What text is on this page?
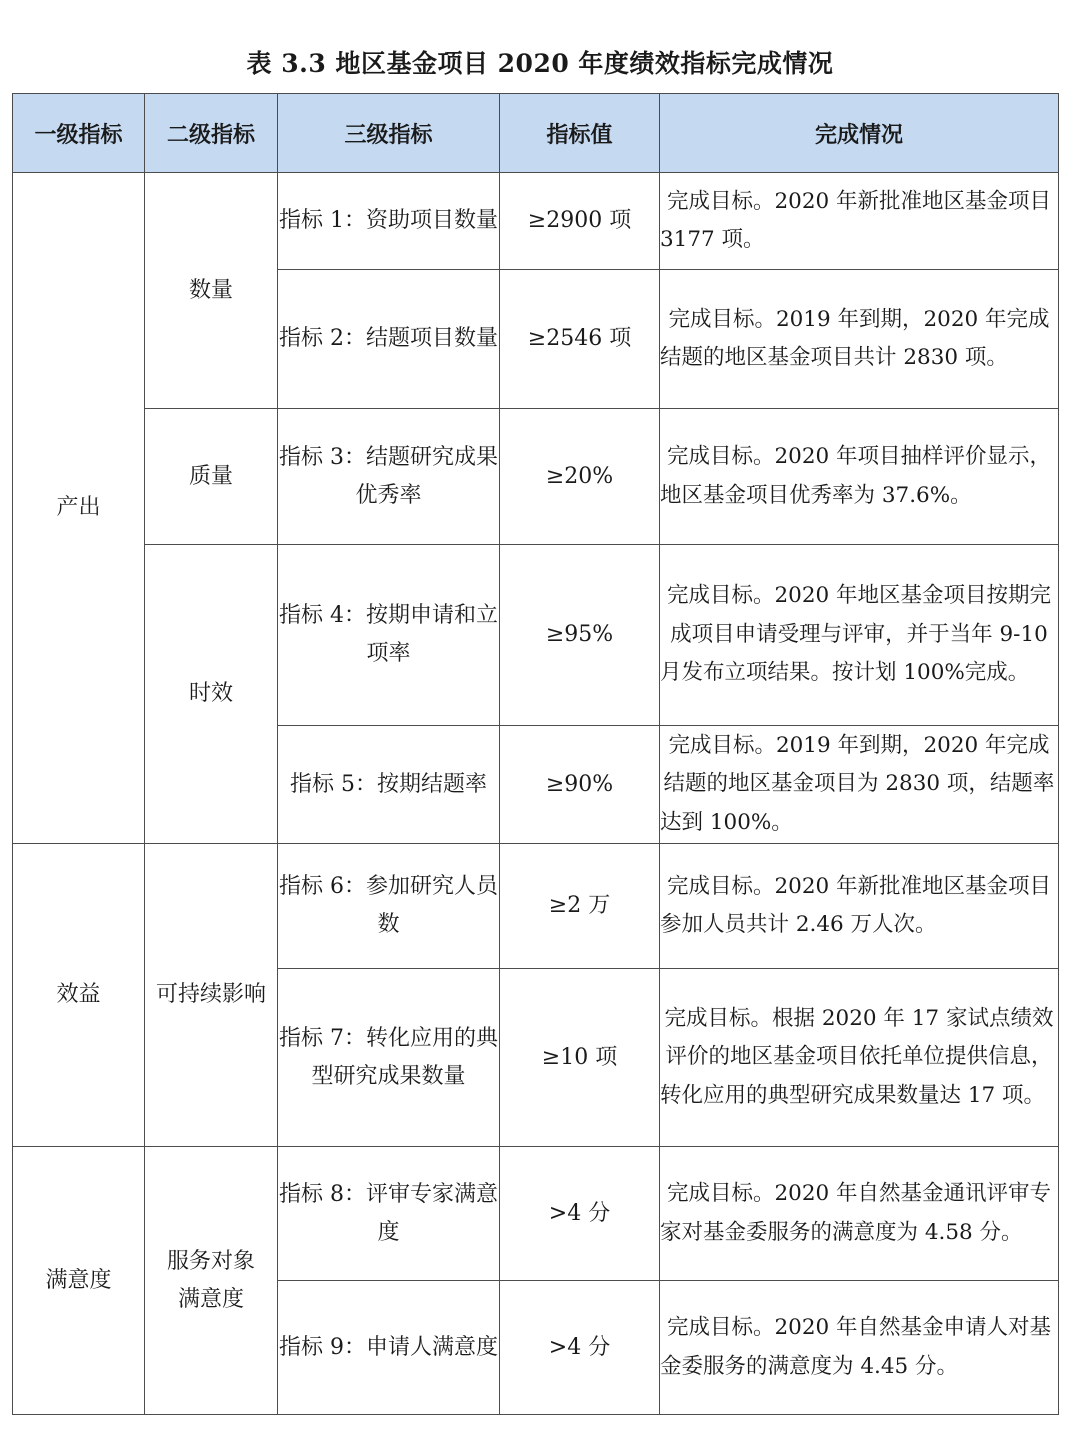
表 3.3 地区基金项目 2020 年度绩效指标完成情况
一级指标	二级指标	三级指标	指标值	完成情况
产出	数量	指标 1：资助项目数量	≥2900 项	完成目标。2020 年新批准地区基金项目 3177 项。
		指标 2：结题项目数量	≥2546 项	完成目标。2019 年到期，2020 年完成结题的地区基金项目共计 2830 项。
	质量	指标 3：结题研究成果优秀率	≥20%	完成目标。2020 年项目抽样评价显示，地区基金项目优秀率为 37.6%。
	时效	指标 4：按期申请和立项率	≥95%	完成目标。2020 年地区基金项目按期完成项目申请受理与评审，并于当年 9-10 月发布立项结果。按计划 100%完成。
		指标 5：按期结题率	≥90%	完成目标。2019 年到期，2020 年完成结题的地区基金项目为 2830 项，结题率达到 100%。
效益	可持续影响	指标 6：参加研究人员数	≥2 万	完成目标。2020 年新批准地区基金项目参加人员共计 2.46 万人次。
		指标 7：转化应用的典型研究成果数量	≥10 项	完成目标。根据 2020 年 17 家试点绩效评价的地区基金项目依托单位提供信息，转化应用的典型研究成果数量达 17 项。
满意度	服务对象满意度	指标 8：评审专家满意度	>4 分	完成目标。2020 年自然基金通讯评审专家对基金委服务的满意度为 4.58 分。
		指标 9：申请人满意度	>4 分	完成目标。2020 年自然基金申请人对基金委服务的满意度为 4.45 分。
